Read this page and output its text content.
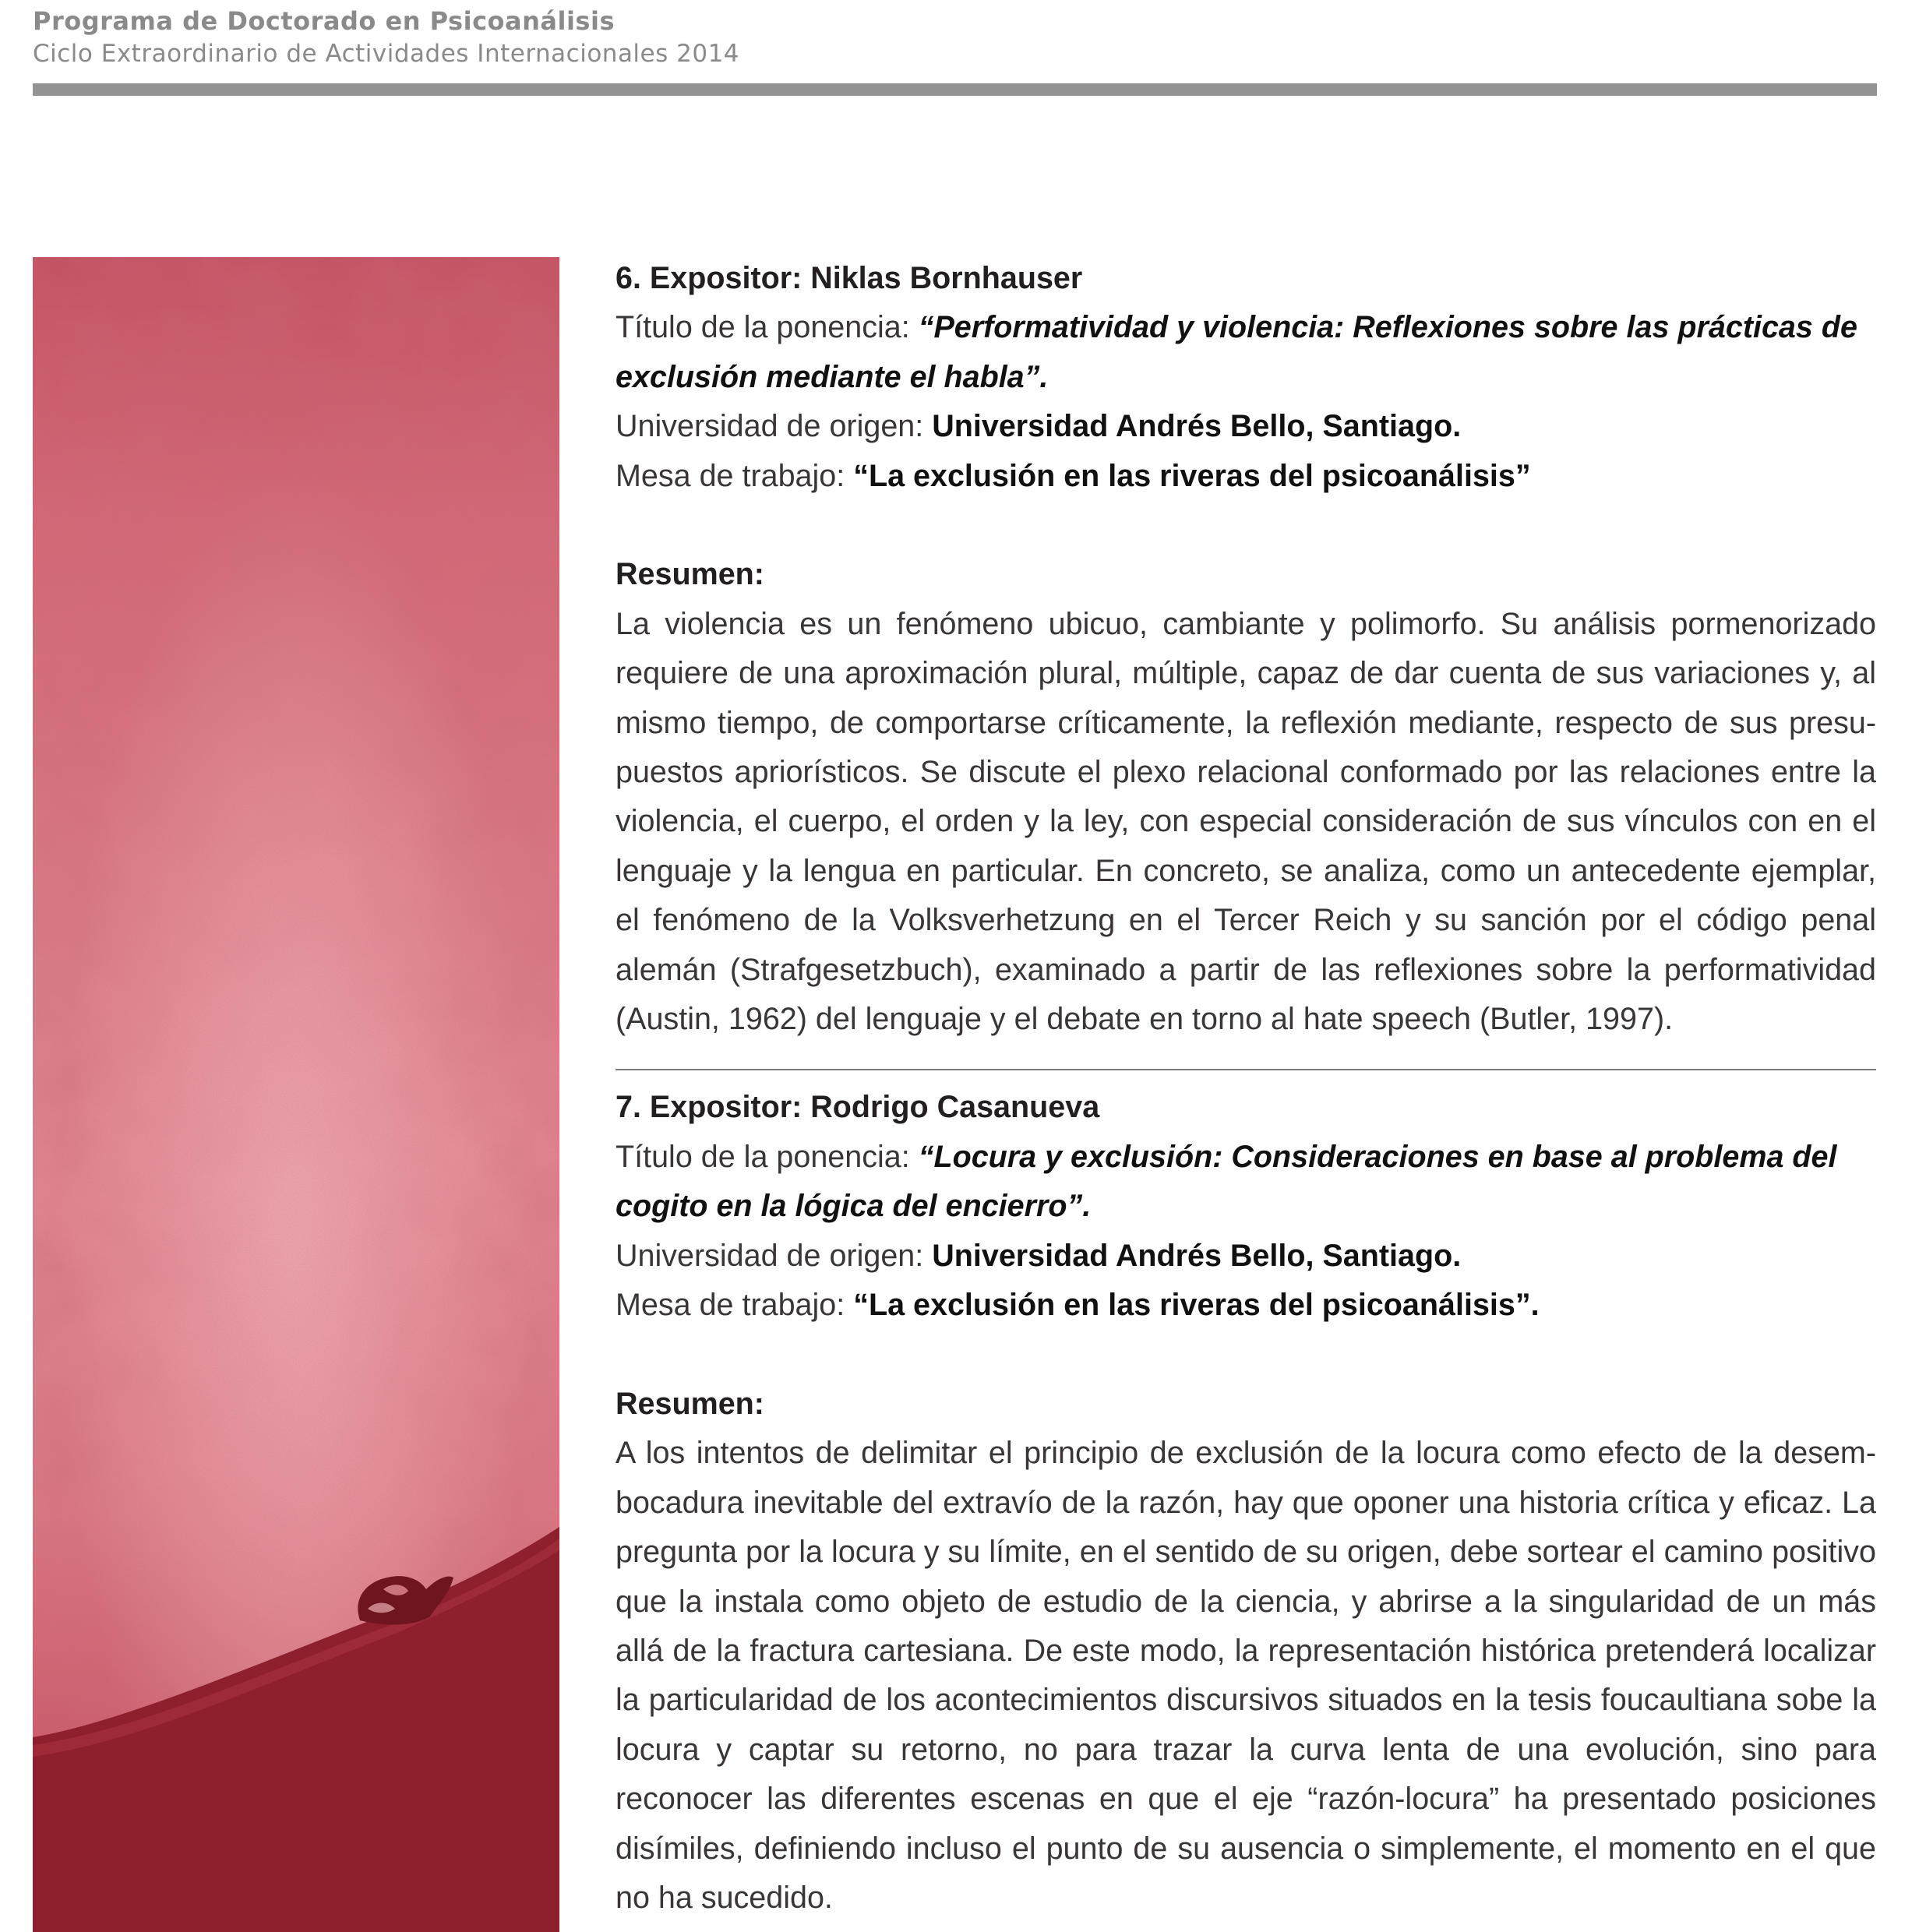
Programa de Doctorado en Psicoanálisis
Ciclo Extraordinario de Actividades Internacionales 2014
6. Expositor: Niklas Bornhauser
Título de la ponencia: “Performatividad y violencia: Reflexiones sobre las prácticas de exclusión mediante el habla”.
Universidad de origen: Universidad Andrés Bello, Santiago.
Mesa de trabajo: “La exclusión en las riveras del psicoanálisis”
Resumen:
La violencia es un fenómeno ubicuo, cambiante y polimorfo. Su análisis pormenorizado requiere de una aproximación plural, múltiple, capaz de dar cuenta de sus variaciones y, al mismo tiempo, de comportarse críticamente, la reflexión mediante, respecto de sus presupuestos apriorísticos. Se discute el plexo relacional conformado por las relaciones entre la violencia, el cuerpo, el orden y la ley, con especial consideración de sus vínculos con en el lenguaje y la lengua en particular. En concreto, se analiza, como un antecedente ejemplar, el fenómeno de la Volksverhetzung en el Tercer Reich y su sanción por el código penal alemán (Strafgesetzbuch), examinado a partir de las reflexiones sobre la performatividad (Austin, 1962) del lenguaje y el debate en torno al hate speech (Butler, 1997).
7. Expositor: Rodrigo Casanueva
Título de la ponencia: “Locura y exclusión: Consideraciones en base al problema del cogito en la lógica del encierro”.
Universidad de origen: Universidad Andrés Bello, Santiago.
Mesa de trabajo: “La exclusión en las riveras del psicoanálisis”.
Resumen:
A los intentos de delimitar el principio de exclusión de la locura como efecto de la desembocadura inevitable del extravío de la razón, hay que oponer una historia crítica y eficaz. La pregunta por la locura y su límite, en el sentido de su origen, debe sortear el camino positivo que la instala como objeto de estudio de la ciencia, y abrirse a la singularidad de un más allá de la fractura cartesiana. De este modo, la representación histórica pretenderá localizar la particularidad de los acontecimientos discursivos situados en la tesis foucaultiana sobe la locura y captar su retorno, no para trazar la curva lenta de una evolución, sino para reconocer las diferentes escenas en que el eje “razón-locura” ha presentado posiciones disímiles, definiendo incluso el punto de su ausencia o simplemente, el momento en el que no ha sucedido.
